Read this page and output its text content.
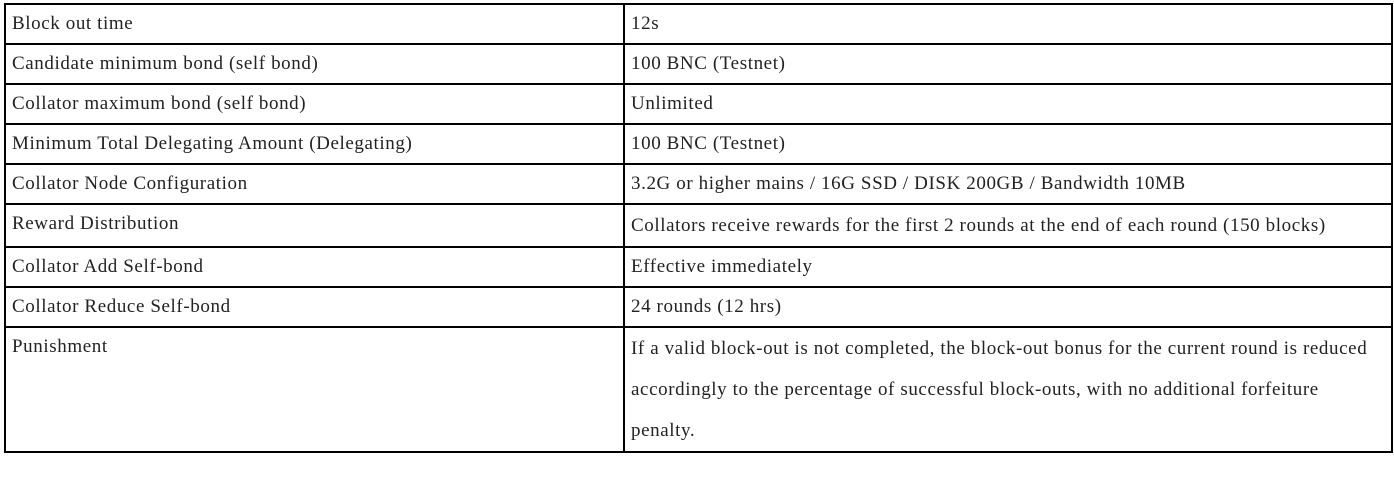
Block out time	12s
Candidate minimum bond (self bond)	100 BNC (Testnet)
Collator maximum bond (self bond)	Unlimited
Minimum Total Delegating Amount (Delegating)	100 BNC (Testnet)
Collator Node Configuration	3.2G or higher mains / 16G SSD / DISK 200GB / Bandwidth 10MB
Reward Distribution	Collators receive rewards for the first 2 rounds at the end of each round (150 blocks)
Collator Add Self-bond	Effective immediately
Collator Reduce Self-bond	24 rounds (12 hrs)
Punishment	If a valid block-out is not completed, the block-out bonus for the current round is reduced accordingly to the percentage of successful block-outs, with no additional forfeiture penalty.
